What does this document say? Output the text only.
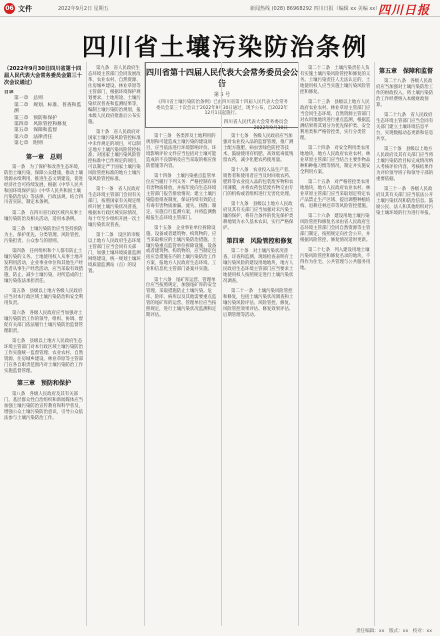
06 文件	2022年9月2日 星期五	新闻热线 (028) 86968292 四川日报（编辑 xx 美编 xx）
四川日报
四川省土壤污染防治条例
（2022年9月30日四川省第十四届人民代表大会常务委员会第三十次会议通过）
四川省第十四届人民代表大会常务委员会公告
第 5 号
《四川省土壤污染防治条例》已由四川省第十四届人民代表大会常务委员会第三十次会议于2022年9月30日通过，现予公布，自2022年12月1日起施行。
四川省人民代表大会常务委员会
2022年9月30日
目录
第一章　总则
第二章　规划、标准、普查和监测
第三章　预防和保护
第四章　风险管控和修复
第五章　保障和监督
第六章　法律责任
第七章　附则
第一章　总则

第一条　为了保护和改善生态环境，防治土壤污染，保障公众健康，推动土壤资源永续利用，推进生态文明建设，促进经济社会可持续发展，根据《中华人民共和国环境保护法》《中华人民共和国土壤污染防治法》等法律、行政法规，结合四川省实际，制定本条例。

第二条　在四川省行政区域内从事土壤污染防治及相关活动，适用本条例。

第三条　土壤污染防治应当坚持预防为主、保护优先、分类管理、风险管控、污染担责、公众参与的原则。

第四条　任何组织和个人都有防止土壤污染的义务。土地使用权人从事土地开发利用活动，企业事业单位和其他生产经营者从事生产经营活动，应当采取有效措施，防止、减少土壤污染，对所造成的土壤污染依法承担责任。

第五条　县级以上地方各级人民政府应当对本行政区域土壤污染防治和安全利用负责。

第六条　各级人民政府应当加强对土壤污染防治工作的领导，组织、协调、督促有关部门依法履行土壤污染防治监督管理职责。

第七条　县级以上地方人民政府生态环境主管部门对本行政区域土壤污染防治工作实施统一监督管理；农业农村、自然资源、住房城乡建设、林业草原等主管部门在各自职责范围内对土壤污染防治工作实施监督管理。

第三章　预防和保护

第八条　各级人民政府及其有关部门、基层群众性自治组织和新闻媒体应当加强土壤污染防治宣传教育和科学普及，增强公众土壤污染防治意识，引导公众依法参与土壤污染防治工作。

第九条　省人民政府生态环境主管部门会同发展改革、农业农村、自然资源、住房城乡建设、林业草原等主管部门，根据环境保护规划要求、土地用途、土壤污染状况普查和监测结果等，编制土壤污染防治规划，报本级人民政府批准后公布实施。

第十条　省人民政府对国家土壤污染风险管控标准中未作规定的项目，可以制定地方土壤污染风险管控标准；对国家土壤污染风险管控标准中已作规定的项目，可以制定严于国家土壤污染风险管控标准的地方土壤污染风险管控标准。

第十一条　省人民政府生态环境主管部门会同有关部门，按照国家有关规定组织开展土壤污染状况普查，根据本行政区域实际情况，每十年至少组织开展一次土壤污染状况普查。

第十二条　设区的市级以上地方人民政府生态环境主管部门应当会同有关部门，加强土壤环境质量监测网络建设，统一规划土壤环境质量监测站（点）的设置。

第十三条　各类涉及土地利用的规划和可能造成土壤污染的建设项目，应当依法进行环境影响评价。环境影响评价文件应当包括对土壤可能造成的不良影响及应当采取的相应预防措施等内容。

第十四条　土壤污染重点监管单位应当履行下列义务：严格控制有毒有害物质排放，并按年度向生态环境主管部门报告排放情况；建立土壤污染隐患排查制度，保证持续有效防止有毒有害物质渗漏、流失、扬散；制定、实施自行监测方案，并将监测数据报生态环境主管部门。

第十五条　企业事业单位拆除设施、设备或者建筑物、构筑物的，应当采取相应的土壤污染防治措施。土壤污染重点监管单位拆除设施、设备或者建筑物、构筑物的，应当制定包括应急措施在内的土壤污染防治工作方案，报地方人民政府生态环境、工业和信息化主管部门备案并实施。

第十六条　尾矿库运营、管理单位应当按照规定，加强尾矿库的安全管理，采取措施防止土壤污染。危库、险库、病库以及其他需要重点监管的尾矿库的运营、管理单位应当按照规定，进行土壤污染状况监测和定期评估。

第十七条　各级人民政府应当加强对农业投入品的监督管理，推广测土配方施肥、病虫害绿色防控等技术，鼓励使用有机肥、高效低毒低残留农药，减少化肥农药使用量。

第十八条　农业投入品生产者、销售者和使用者应当及时回收农药、肥料等农业投入品的包装废弃物和农用薄膜，并将农药包装废弃物交由专门的机构或者组织进行无害化处理。

第十九条　县级以上地方人民政府及其有关部门应当加强对未污染土壤的保护，将符合条件的优先保护类耕地划为永久基本农田，实行严格保护。

第四章　风险管控和修复

第二十条　对土壤污染状况普查、详查和监测、现场检查表明有土壤污染风险的建设用地地块，地方人民政府生态环境主管部门应当要求土地使用权人按照规定进行土壤污染状况调查。

第二十一条　土壤污染风险管控和修复，包括土壤污染状况调查和土壤污染风险评估、风险管控、修复、风险管控效果评估、修复效果评估、后期管理等活动。

第二十二条　土壤污染责任人负有实施土壤污染风险管控和修复的义务。土壤污染责任人无法认定的，土地使用权人应当实施土壤污染风险管控和修复。

第二十三条　县级以上地方人民政府农业农村、林业草原主管部门应当会同生态环境、自然资源主管部门对农用地地块进行重点监测，根据监测结果将其划分为优先保护类、安全利用类和严格管控类，实行分类管理。

第二十四条　对安全利用类农用地地块，地方人民政府农业农村、林业草原主管部门应当结合主要作物品种和种植习惯等情况，制定并实施安全利用方案。

第二十五条　对严格管控类农用地地块，地方人民政府农业农村、林业草原主管部门应当采取划定特定农产品禁止生产区域、提出调整种植结构、退耕还林还草等风险管控措施。

第二十六条　建设用地土壤污染风险管控和修复名录由省人民政府生态环境主管部门会同自然资源等主管部门制定，按照规定向社会公开，并根据风险管控、修复情况适时更新。

第二十七条　列入建设用地土壤污染风险管控和修复名录的地块，不得作为住宅、公共管理与公共服务用地。

第五章　保障和监督

第二十八条　各级人民政府应当加强对土壤污染防治工作的财政投入，将土壤污染防治工作经费纳入本级财政预算。

第二十九条　省人民政府生态环境主管部门应当会同有关部门建立土壤环境信息平台，实现数据动态更新和信息共享。

第三十条　县级以上地方人民政府及其有关部门应当将土壤污染防治目标完成情况纳入考核评价内容，考核结果作为评价领导班子和领导干部的重要依据。

第三十一条　各级人民政府及其有关部门应当依法公开土壤污染状况和防治信息。鼓励公民、法人和其他组织对污染土壤环境的行为进行举报。

责任编辑：xx　版式：xx　校对：xx
